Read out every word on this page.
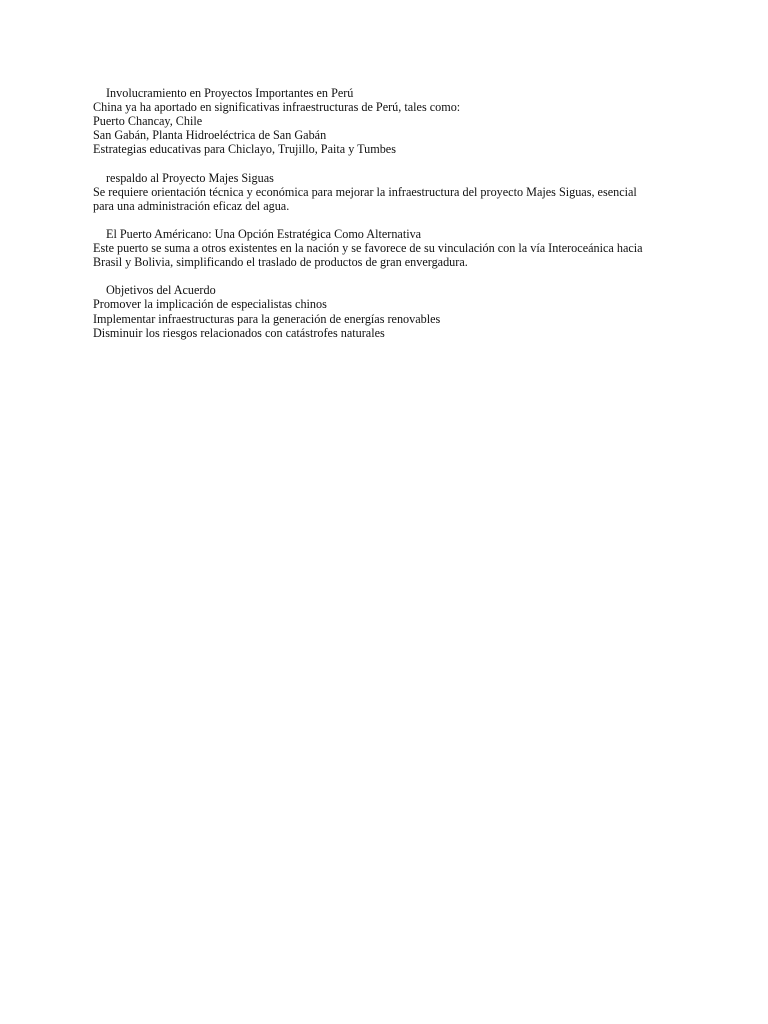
Involucramiento en Proyectos Importantes en Perú
China ya ha aportado en significativas infraestructuras de Perú, tales como:
Puerto Chancay, Chile
San Gabán, Planta Hidroeléctrica de San Gabán
Estrategias educativas para Chiclayo, Trujillo, Paita y Tumbes
respaldo al Proyecto Majes Siguas
Se requiere orientación técnica y económica para mejorar la infraestructura del proyecto Majes Siguas, esencial
para una administración eficaz del agua.
El Puerto Américano: Una Opción Estratégica Como Alternativa
Este puerto se suma a otros existentes en la nación y se favorece de su vinculación con la vía Interoceánica hacia
Brasil y Bolivia, simplificando el traslado de productos de gran envergadura.
Objetivos del Acuerdo
Promover la implicación de especialistas chinos
Implementar infraestructuras para la generación de energías renovables
Disminuir los riesgos relacionados con catástrofes naturales
